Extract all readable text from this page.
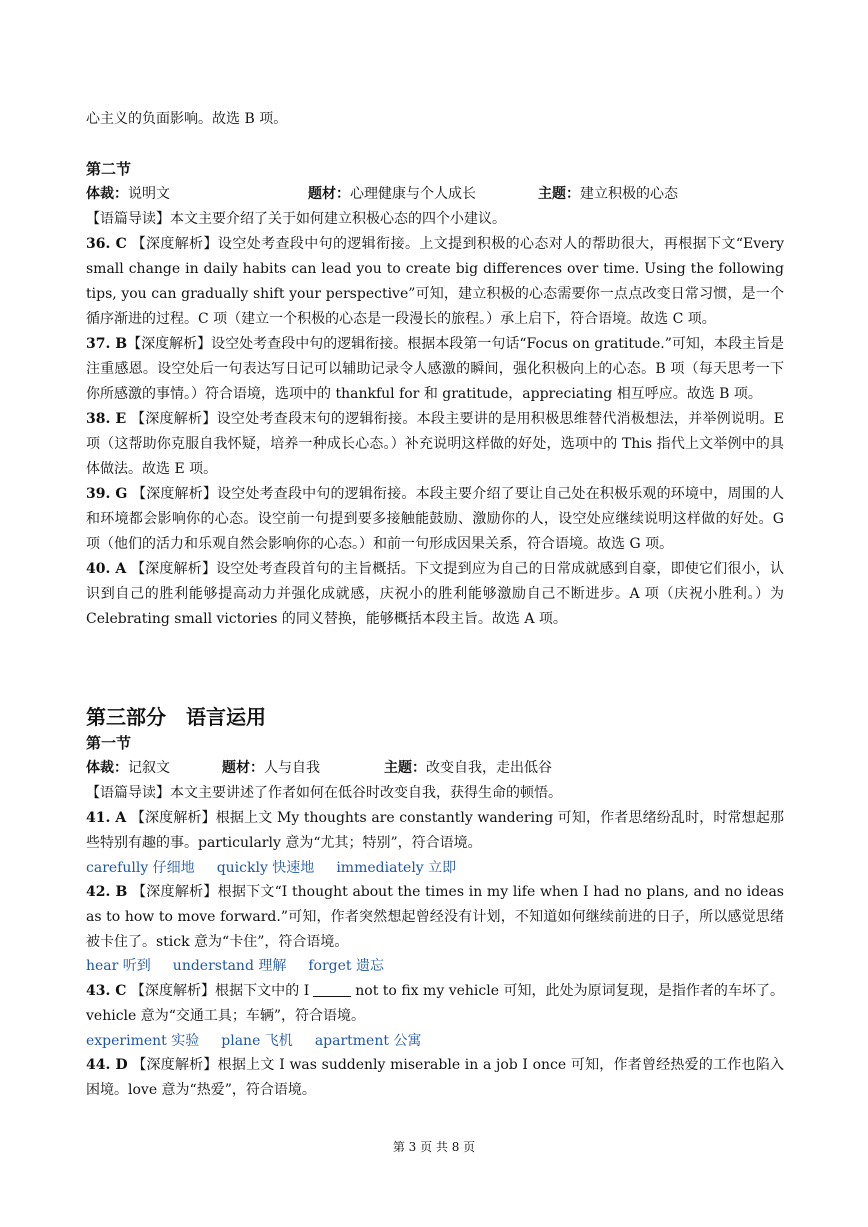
心主义的负面影响。故选 B 项。
第二节
体裁：说明文	题材：心理健康与个人成长	主题：建立积极的心态
【语篇导读】本文主要介绍了关于如何建立积极心态的四个小建议。

36. C 【深度解析】设空处考查段中句的逻辑衔接。上文提到积极的心态对人的帮助很大，再根据下文“Every small change in daily habits can lead you to create big differences over time. Using the following tips, you can gradually shift your perspective”可知，建立积极的心态需要你一点点改变日常习惯，是一个循序渐进的过程。C 项（建立一个积极的心态是一段漫长的旅程。）承上启下，符合语境。故选 C 项。

37. B【深度解析】设空处考查段中句的逻辑衔接。根据本段第一句话“Focus on gratitude.”可知，本段主旨是注重感恩。设空处后一句表达写日记可以辅助记录令人感激的瞬间，强化积极向上的心态。B 项（每天思考一下你所感激的事情。）符合语境，选项中的 thankful for 和 gratitude，appreciating 相互呼应。故选 B 项。

38. E 【深度解析】设空处考查段末句的逻辑衔接。本段主要讲的是用积极思维替代消极想法，并举例说明。E 项（这帮助你克服自我怀疑，培养一种成长心态。）补充说明这样做的好处，选项中的 This 指代上文举例中的具体做法。故选 E 项。

39. G 【深度解析】设空处考查段中句的逻辑衔接。本段主要介绍了要让自己处在积极乐观的环境中，周围的人和环境都会影响你的心态。设空前一句提到要多接触能鼓励、激励你的人，设空处应继续说明这样做的好处。G 项（他们的活力和乐观自然会影响你的心态。）和前一句形成因果关系，符合语境。故选 G 项。

40. A 【深度解析】设空处考查段首句的主旨概括。下文提到应为自己的日常成就感到自豪，即使它们很小，认识到自己的胜利能够提高动力并强化成就感，庆祝小的胜利能够激励自己不断进步。A 项（庆祝小胜利。）为 Celebrating small victories 的同义替换，能够概括本段主旨。故选 A 项。

第三部分　语言运用
第一节
体裁：记叙文	题材：人与自我	主题：改变自我，走出低谷
【语篇导读】本文主要讲述了作者如何在低谷时改变自我，获得生命的顿悟。

41. A 【深度解析】根据上文 My thoughts are constantly wandering 可知，作者思绪纷乱时，时常想起那些特别有趣的事。particularly 意为“尤其；特别”，符合语境。

carefully 仔细地 quickly 快速地 immediately 立即

42. B 【深度解析】根据下文“I thought about the times in my life when I had no plans, and no ideas as to how to move forward.”可知，作者突然想起曾经没有计划，不知道如何继续前进的日子，所以感觉思绪被卡住了。stick 意为“卡住”，符合语境。

hear 听到 understand 理解 forget 遗忘

43. C 【深度解析】根据下文中的 I	not to fix my vehicle 可知，此处为原词复现，是指作者的车坏了。vehicle 意为“交通工具；车辆”，符合语境。

experiment 实验 plane 飞机 apartment 公寓

44. D 【深度解析】根据上文 I was suddenly miserable in a job I once 可知，作者曾经热爱的工作也陷入困境。love 意为“热爱”，符合语境。

第 3 页 共 8 页
